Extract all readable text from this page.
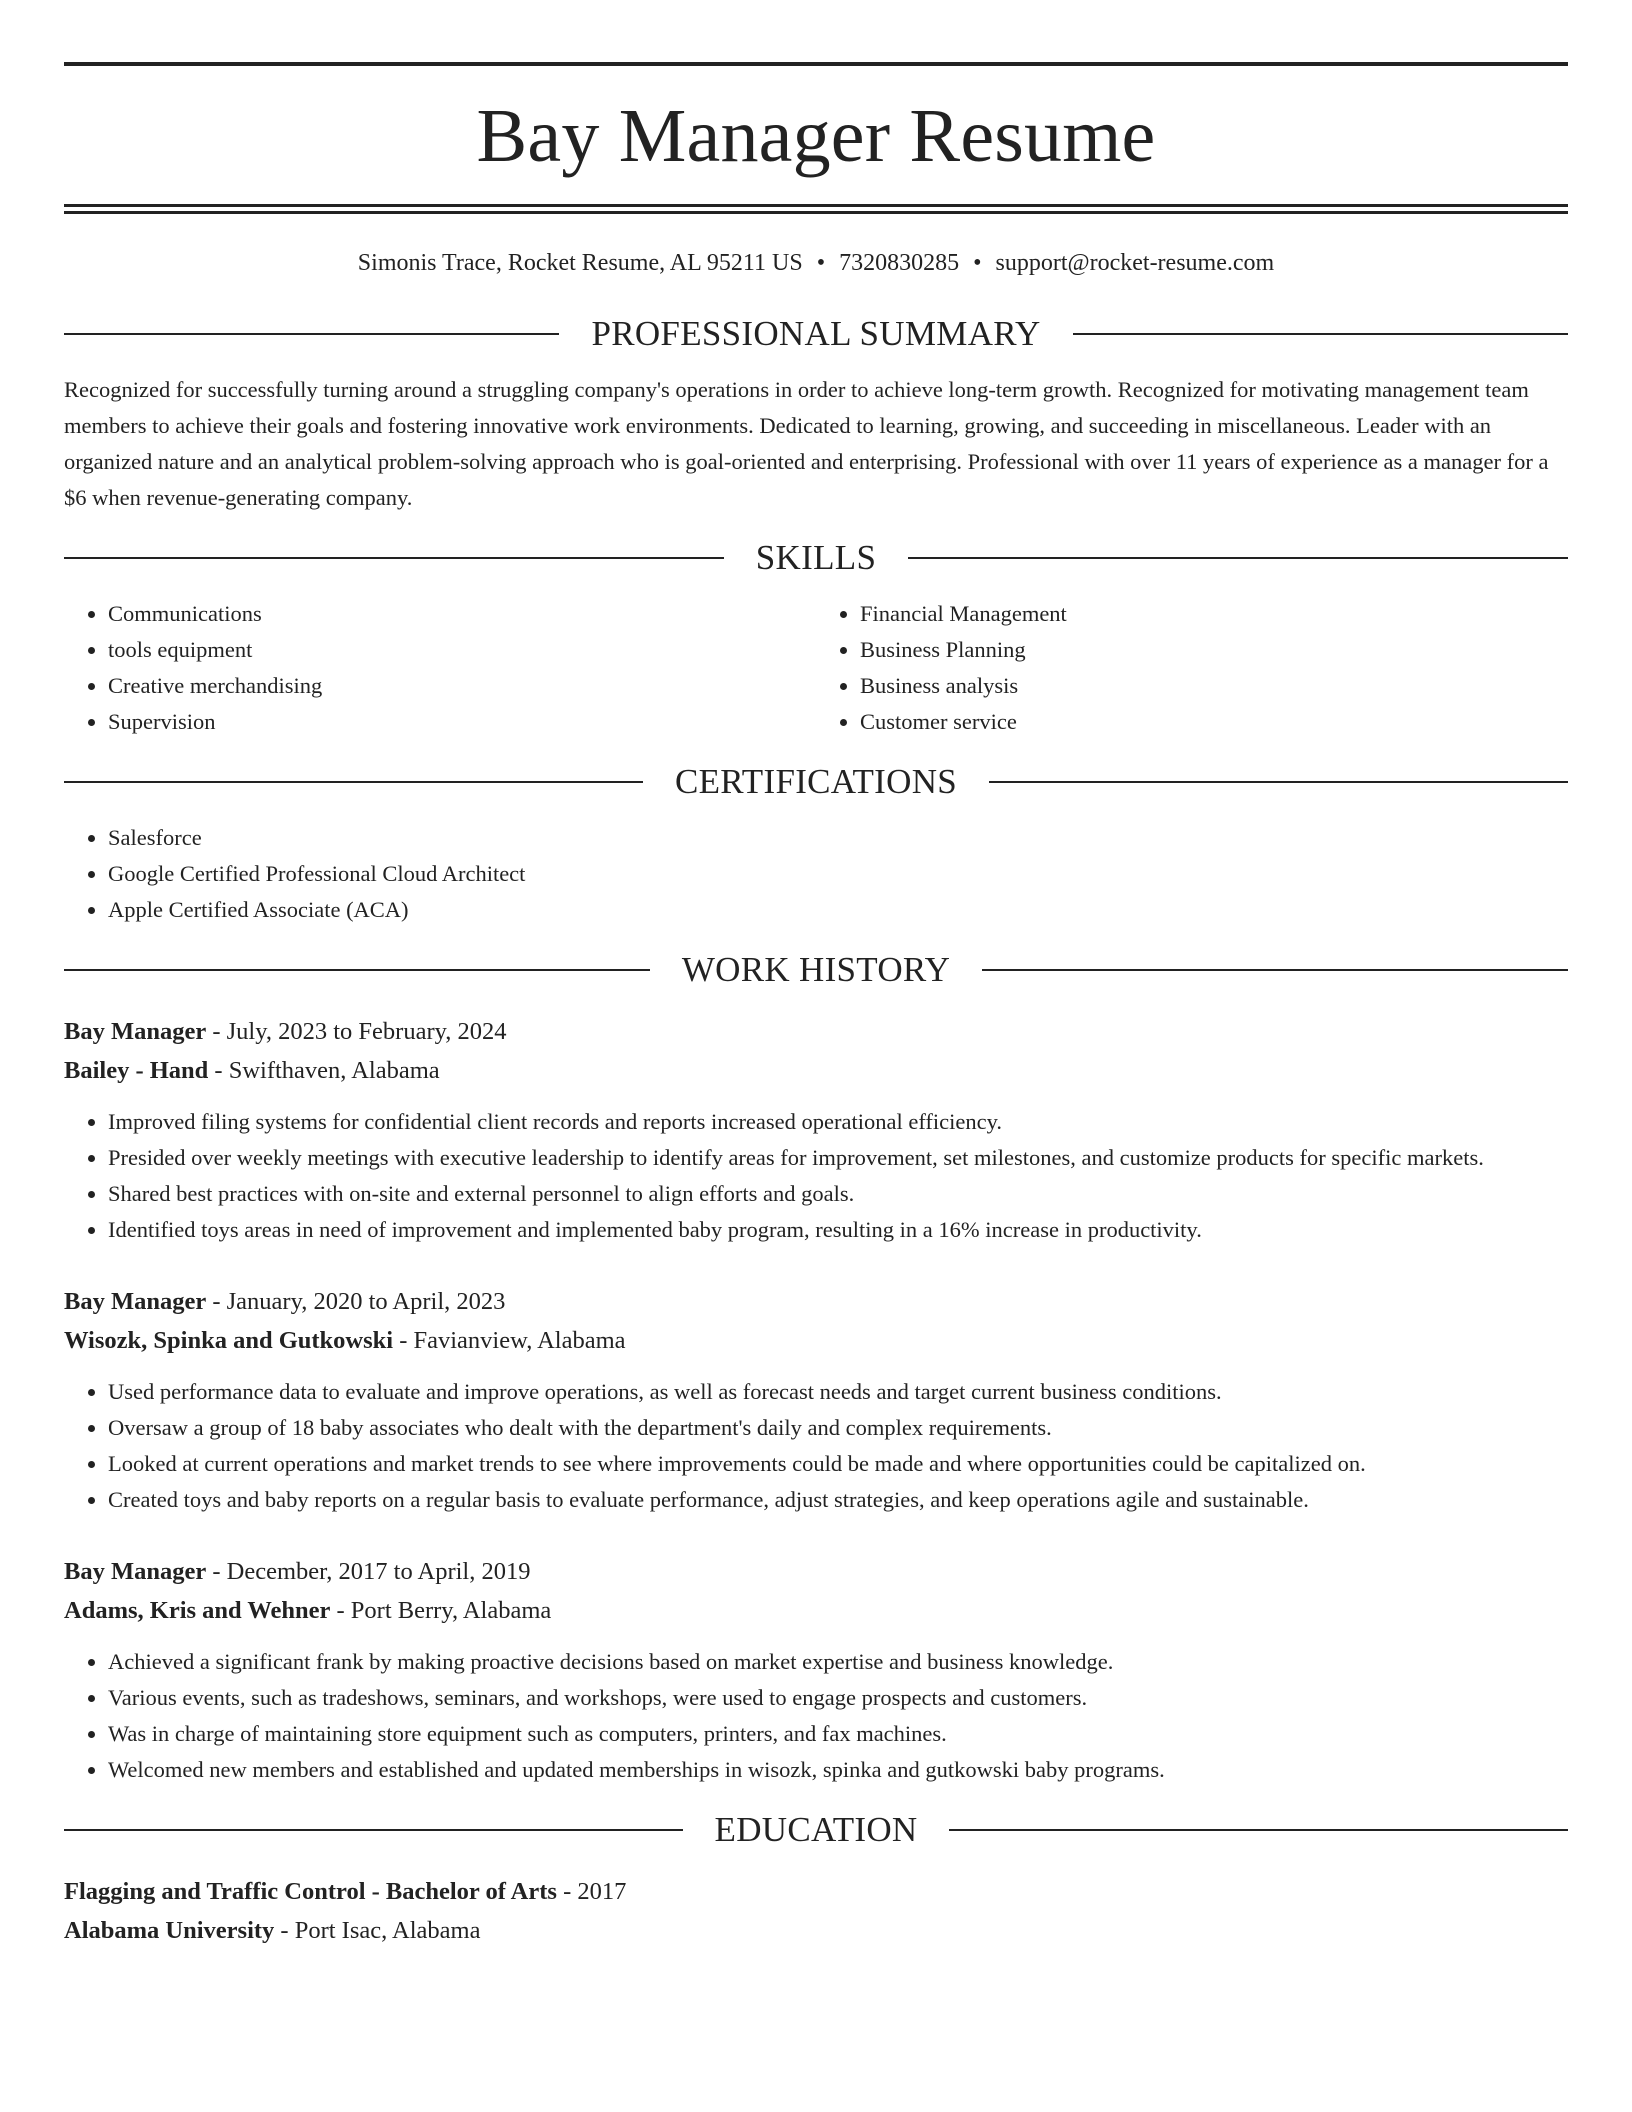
Bay Manager Resume
Simonis Trace, Rocket Resume, AL 95211 US • 7320830285 • support@rocket-resume.com
PROFESSIONAL SUMMARY
Recognized for successfully turning around a struggling company's operations in order to achieve long-term growth. Recognized for motivating management team members to achieve their goals and fostering innovative work environments. Dedicated to learning, growing, and succeeding in miscellaneous. Leader with an organized nature and an analytical problem-solving approach who is goal-oriented and enterprising. Professional with over 11 years of experience as a manager for a $6 when revenue-generating company.
SKILLS
• Communications
• tools equipment
• Creative merchandising
• Supervision
• Financial Management
• Business Planning
• Business analysis
• Customer service
CERTIFICATIONS
• Salesforce
• Google Certified Professional Cloud Architect
• Apple Certified Associate (ACA)
WORK HISTORY
Bay Manager - July, 2023 to February, 2024
Bailey - Hand - Swifthaven, Alabama
• Improved filing systems for confidential client records and reports increased operational efficiency.
• Presided over weekly meetings with executive leadership to identify areas for improvement, set milestones, and customize products for specific markets.
• Shared best practices with on-site and external personnel to align efforts and goals.
• Identified toys areas in need of improvement and implemented baby program, resulting in a 16% increase in productivity.
Bay Manager - January, 2020 to April, 2023
Wisozk, Spinka and Gutkowski - Favianview, Alabama
• Used performance data to evaluate and improve operations, as well as forecast needs and target current business conditions.
• Oversaw a group of 18 baby associates who dealt with the department's daily and complex requirements.
• Looked at current operations and market trends to see where improvements could be made and where opportunities could be capitalized on.
• Created toys and baby reports on a regular basis to evaluate performance, adjust strategies, and keep operations agile and sustainable.
Bay Manager - December, 2017 to April, 2019
Adams, Kris and Wehner - Port Berry, Alabama
• Achieved a significant frank by making proactive decisions based on market expertise and business knowledge.
• Various events, such as tradeshows, seminars, and workshops, were used to engage prospects and customers.
• Was in charge of maintaining store equipment such as computers, printers, and fax machines.
• Welcomed new members and established and updated memberships in wisozk, spinka and gutkowski baby programs.
EDUCATION
Flagging and Traffic Control - Bachelor of Arts - 2017
Alabama University - Port Isac, Alabama
